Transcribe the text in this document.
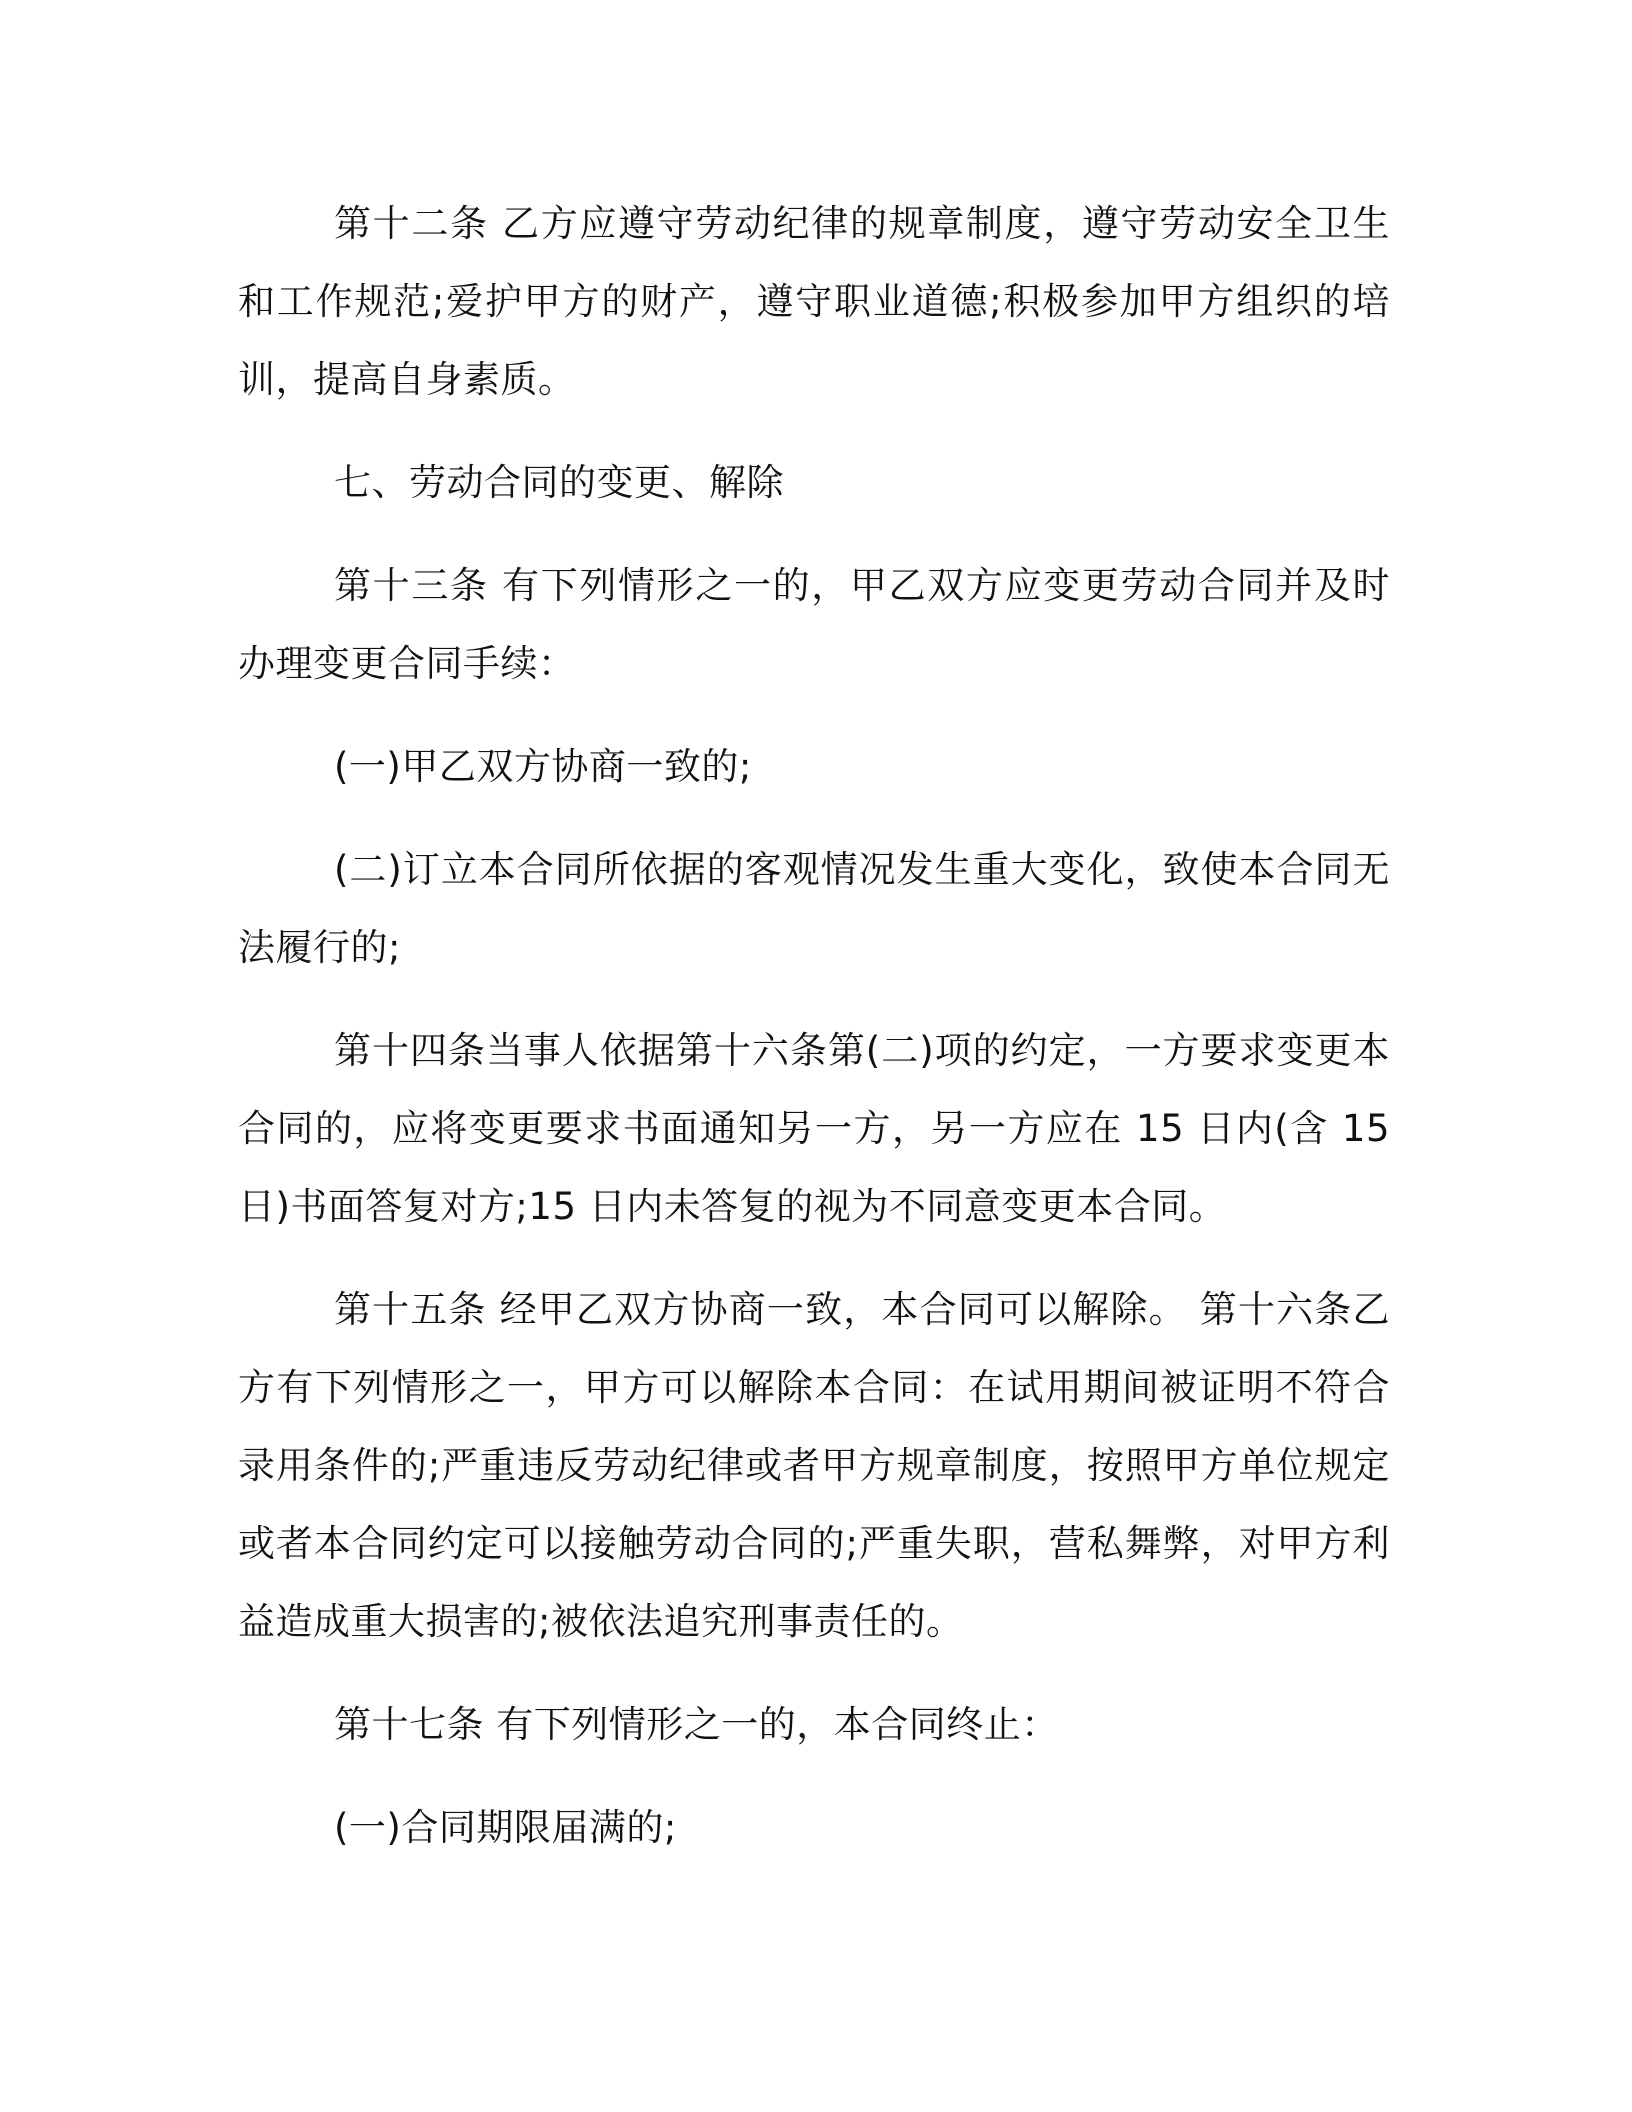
第十二条 乙方应遵守劳动纪律的规章制度，遵守劳动安全卫生和工作规范;爱护甲方的财产，遵守职业道德;积极参加甲方组织的培训，提高自身素质。

七、劳动合同的变更、解除

第十三条 有下列情形之一的，甲乙双方应变更劳动合同并及时办理变更合同手续：

(一)甲乙双方协商一致的;

(二)订立本合同所依据的客观情况发生重大变化，致使本合同无法履行的;

第十四条当事人依据第十六条第(二)项的约定，一方要求变更本合同的，应将变更要求书面通知另一方，另一方应在 15 日内(含 15 日)书面答复对方;15 日内未答复的视为不同意变更本合同。

第十五条 经甲乙双方协商一致，本合同可以解除。 第十六条乙方有下列情形之一，甲方可以解除本合同：在试用期间被证明不符合录用条件的;严重违反劳动纪律或者甲方规章制度，按照甲方单位规定或者本合同约定可以接触劳动合同的;严重失职，营私舞弊，对甲方利益造成重大损害的;被依法追究刑事责任的。

第十七条 有下列情形之一的，本合同终止：

(一)合同期限届满的;
